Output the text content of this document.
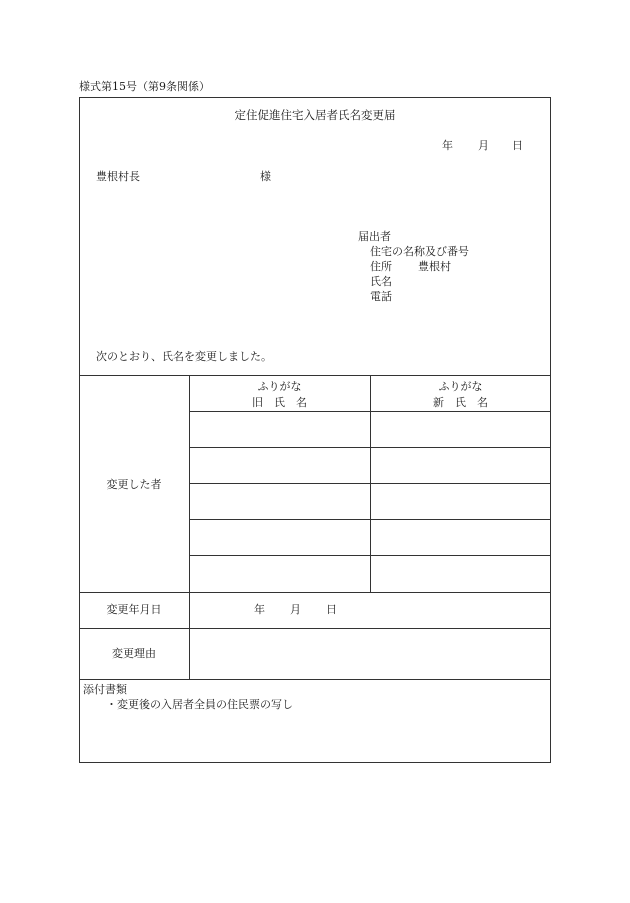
様式第15号（第9条関係）
定住促進住宅入居者氏名変更届
年 月 日
豊根村長	様
届出者
住宅の名称及び番号
住所 豊根村
氏名
電話
次のとおり、氏名を変更しました。
ふりがな
旧　氏　名
ふりがな
新　氏　名
変更した者
変更年月日
変更理由
年 月 日
添付書類
・変更後の入居者全員の住民票の写し
